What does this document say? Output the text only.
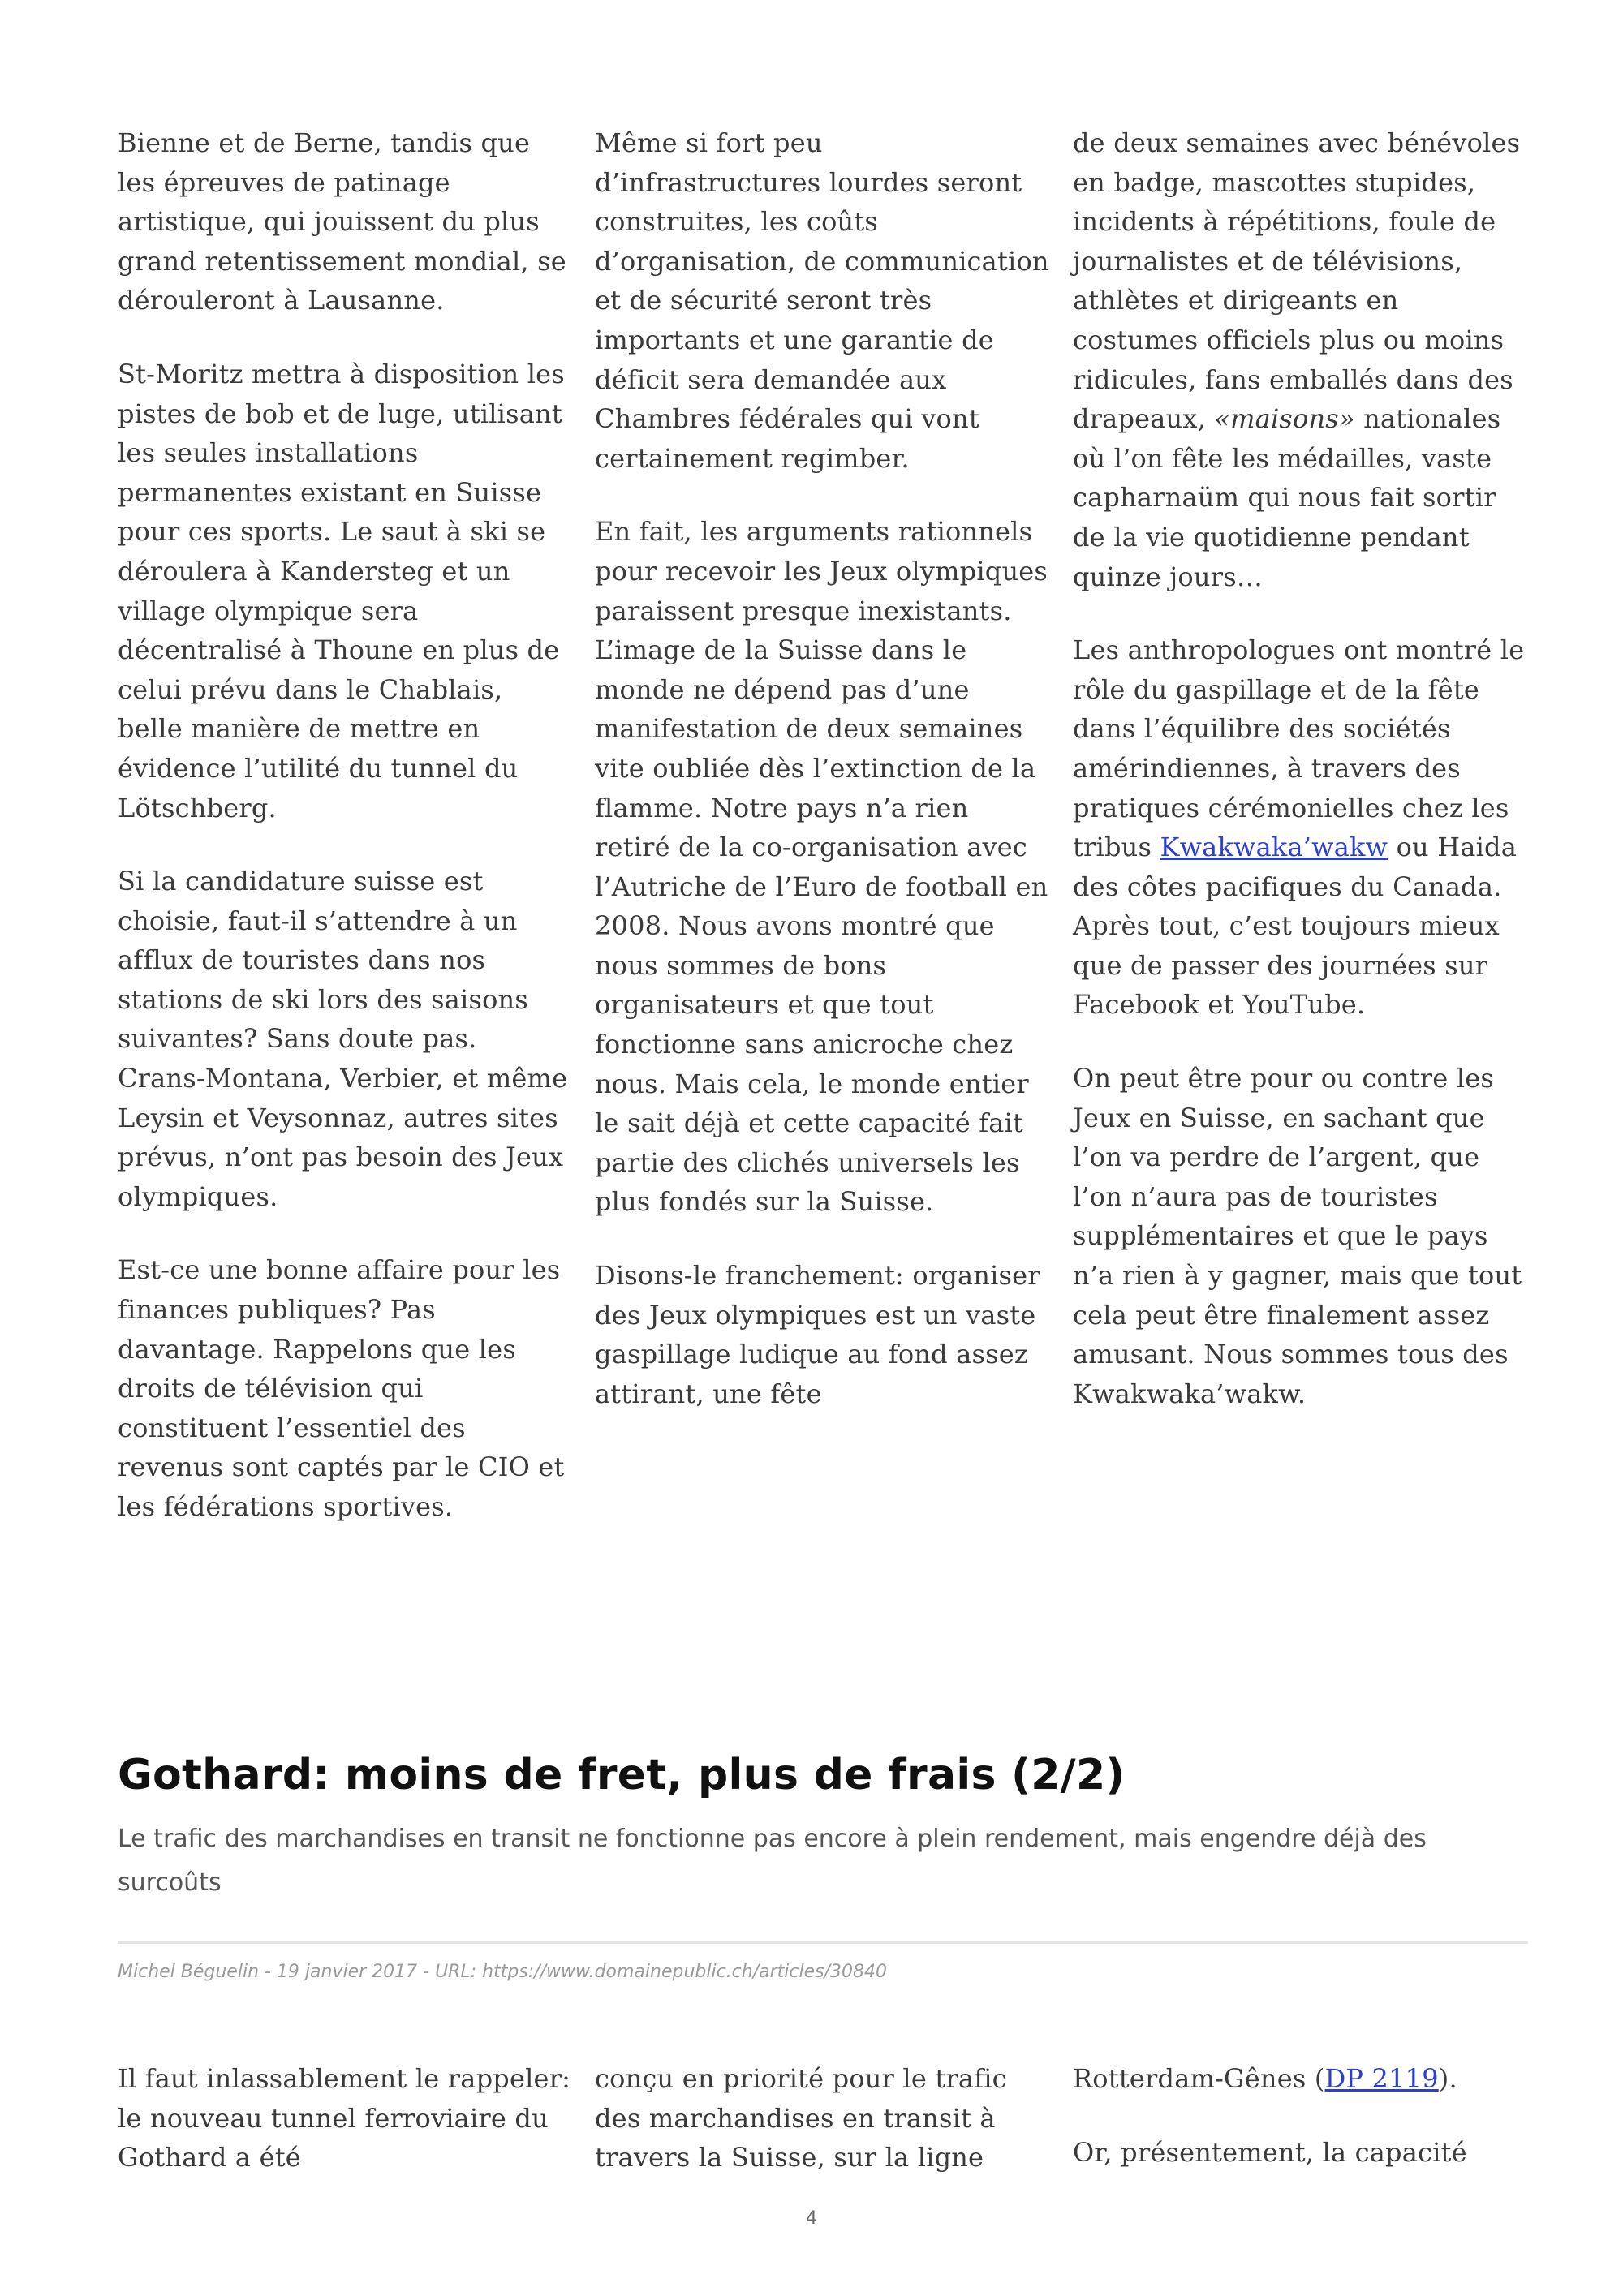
Bienne et de Berne, tandis que les épreuves de patinage artistique, qui jouissent du plus grand retentissement mondial, se dérouleront à Lausanne.

St-Moritz mettra à disposition les pistes de bob et de luge, utilisant les seules installations permanentes existant en Suisse pour ces sports. Le saut à ski se déroulera à Kandersteg et un village olympique sera décentralisé à Thoune en plus de celui prévu dans le Chablais, belle manière de mettre en évidence l’utilité du tunnel du Lötschberg.

Si la candidature suisse est choisie, faut-il s’attendre à un afflux de touristes dans nos stations de ski lors des saisons suivantes? Sans doute pas. Crans-Montana, Verbier, et même Leysin et Veysonnaz, autres sites prévus, n’ont pas besoin des Jeux olympiques.

Est-ce une bonne affaire pour les finances publiques? Pas davantage. Rappelons que les droits de télévision qui constituent l’essentiel des revenus sont captés par le CIO et les fédérations sportives.

Même si fort peu d’infrastructures lourdes seront construites, les coûts d’organisation, de communication et de sécurité seront très importants et une garantie de déficit sera demandée aux Chambres fédérales qui vont certainement regimber.

En fait, les arguments rationnels pour recevoir les Jeux olympiques paraissent presque inexistants. L’image de la Suisse dans le monde ne dépend pas d’une manifestation de deux semaines vite oubliée dès l’extinction de la flamme. Notre pays n’a rien retiré de la co-organisation avec l’Autriche de l’Euro de football en 2008. Nous avons montré que nous sommes de bons organisateurs et que tout fonctionne sans anicroche chez nous. Mais cela, le monde entier le sait déjà et cette capacité fait partie des clichés universels les plus fondés sur la Suisse.

Disons-le franchement: organiser des Jeux olympiques est un vaste gaspillage ludique au fond assez attirant, une fête

de deux semaines avec bénévoles en badge, mascottes stupides, incidents à répétitions, foule de journalistes et de télévisions, athlètes et dirigeants en costumes officiels plus ou moins ridicules, fans emballés dans des drapeaux, «maisons» nationales où l’on fête les médailles, vaste capharnaüm qui nous fait sortir de la vie quotidienne pendant quinze jours…

Les anthropologues ont montré le rôle du gaspillage et de la fête dans l’équilibre des sociétés amérindiennes, à travers des pratiques cérémonielles chez les tribus Kwakwaka’wakw ou Haida des côtes pacifiques du Canada. Après tout, c’est toujours mieux que de passer des journées sur Facebook et YouTube.

On peut être pour ou contre les Jeux en Suisse, en sachant que l’on va perdre de l’argent, que l’on n’aura pas de touristes supplémentaires et que le pays n’a rien à y gagner, mais que tout cela peut être finalement assez amusant. Nous sommes tous des Kwakwaka’wakw.

Gothard: moins de fret, plus de frais (2/2)

Le trafic des marchandises en transit ne fonctionne pas encore à plein rendement, mais engendre déjà des surcoûts

Michel Béguelin - 19 janvier 2017 - URL: https://www.domainepublic.ch/articles/30840

Il faut inlassablement le rappeler: le nouveau tunnel ferroviaire du Gothard a été

conçu en priorité pour le trafic des marchandises en transit à travers la Suisse, sur la ligne

Rotterdam-Gênes (DP 2119).

Or, présentement, la capacité

4
